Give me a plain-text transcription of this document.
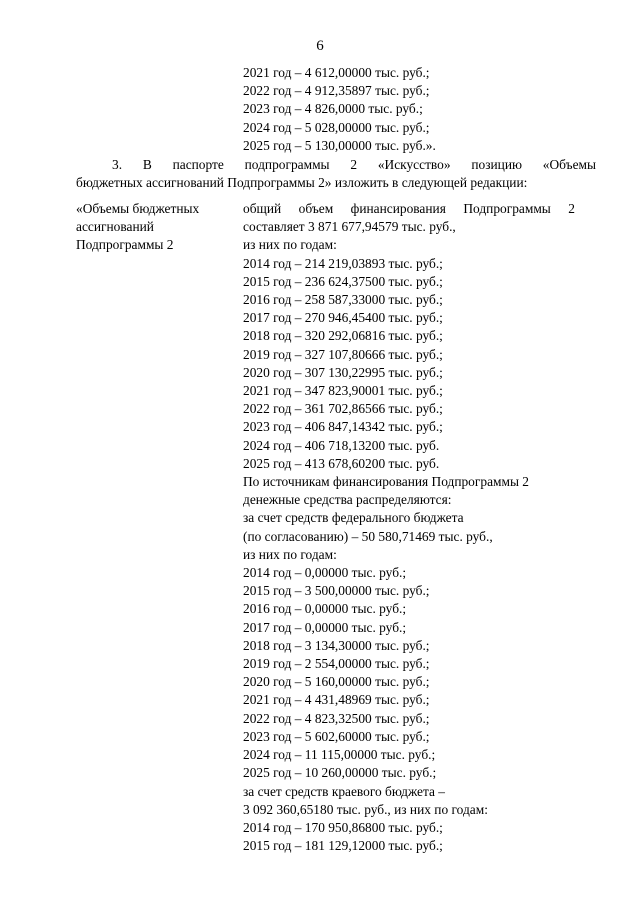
6
2021 год – 4 612,00000 тыс. руб.;
2022 год – 4 912,35897 тыс. руб.;
2023 год – 4 826,0000 тыс. руб.;
2024 год – 5 028,00000 тыс. руб.;
2025 год – 5 130,00000 тыс. руб.».
3. В паспорте подпрограммы 2 «Искусство» позицию «Объемы
бюджетных ассигнований Подпрограммы 2» изложить в следующей редакции:
«Объемы бюджетных
ассигнований
Подпрограммы 2
общий объем финансирования Подпрограммы 2
составляет 3 871 677,94579 тыс. руб.,
из них по годам:
2014 год – 214 219,03893 тыс. руб.;
2015 год – 236 624,37500 тыс. руб.;
2016 год – 258 587,33000 тыс. руб.;
2017 год – 270 946,45400 тыс. руб.;
2018 год – 320 292,06816 тыс. руб.;
2019 год – 327 107,80666 тыс. руб.;
2020 год – 307 130,22995 тыс. руб.;
2021 год – 347 823,90001 тыс. руб.;
2022 год – 361 702,86566 тыс. руб.;
2023 год – 406 847,14342 тыс. руб.;
2024 год – 406 718,13200 тыс. руб.
2025 год – 413 678,60200 тыс. руб.
По источникам финансирования Подпрограммы 2
денежные средства распределяются:
за счет средств федерального бюджета
(по согласованию) – 50 580,71469 тыс. руб.,
из них по годам:
2014 год – 0,00000 тыс. руб.;
2015 год – 3 500,00000 тыс. руб.;
2016 год – 0,00000 тыс. руб.;
2017 год – 0,00000 тыс. руб.;
2018 год – 3 134,30000 тыс. руб.;
2019 год – 2 554,00000 тыс. руб.;
2020 год – 5 160,00000 тыс. руб.;
2021 год – 4 431,48969 тыс. руб.;
2022 год – 4 823,32500 тыс. руб.;
2023 год – 5 602,60000 тыс. руб.;
2024 год – 11 115,00000 тыс. руб.;
2025 год – 10 260,00000 тыс. руб.;
за счет средств краевого бюджета –
3 092 360,65180 тыс. руб., из них по годам:
2014 год – 170 950,86800 тыс. руб.;
2015 год – 181 129,12000 тыс. руб.;
